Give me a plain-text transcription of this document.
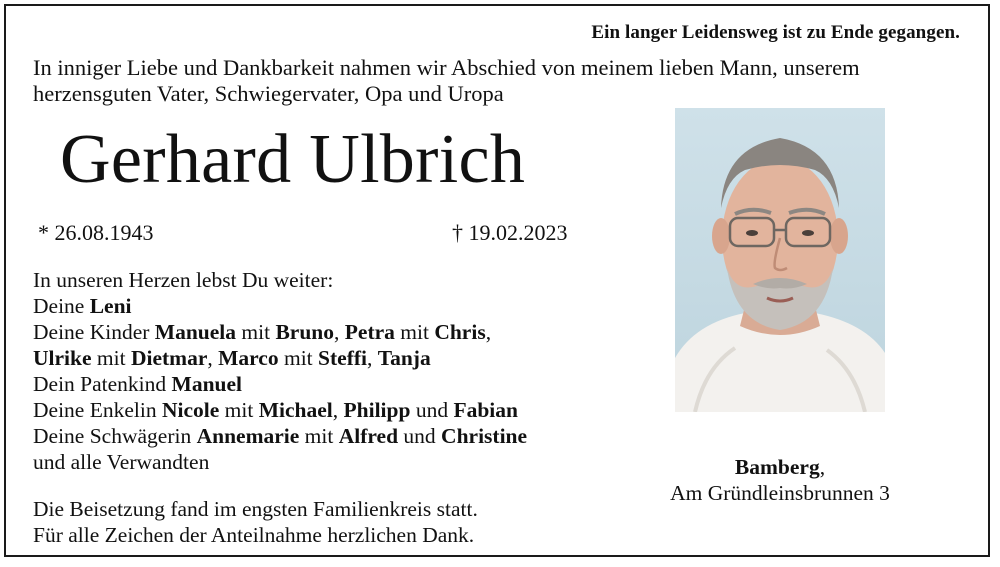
Ein langer Leidensweg ist zu Ende gegangen.
In inniger Liebe und Dankbarkeit nahmen wir Abschied von meinem lieben Mann, unserem
herzensguten Vater, Schwiegervater, Opa und Uropa
Gerhard Ulbrich
* 26.08.1943	† 19.02.2023
In unseren Herzen lebst Du weiter:
Deine Leni
Deine Kinder Manuela mit Bruno, Petra mit Chris,
Ulrike mit Dietmar, Marco mit Steffi, Tanja
Dein Patenkind Manuel
Deine Enkelin Nicole mit Michael, Philipp und Fabian
Deine Schwägerin Annemarie mit Alfred und Christine
und alle Verwandten
Die Beisetzung fand im engsten Familienkreis statt.
Für alle Zeichen der Anteilnahme herzlichen Dank.
Bamberg,
Am Gründleinsbrunnen 3
